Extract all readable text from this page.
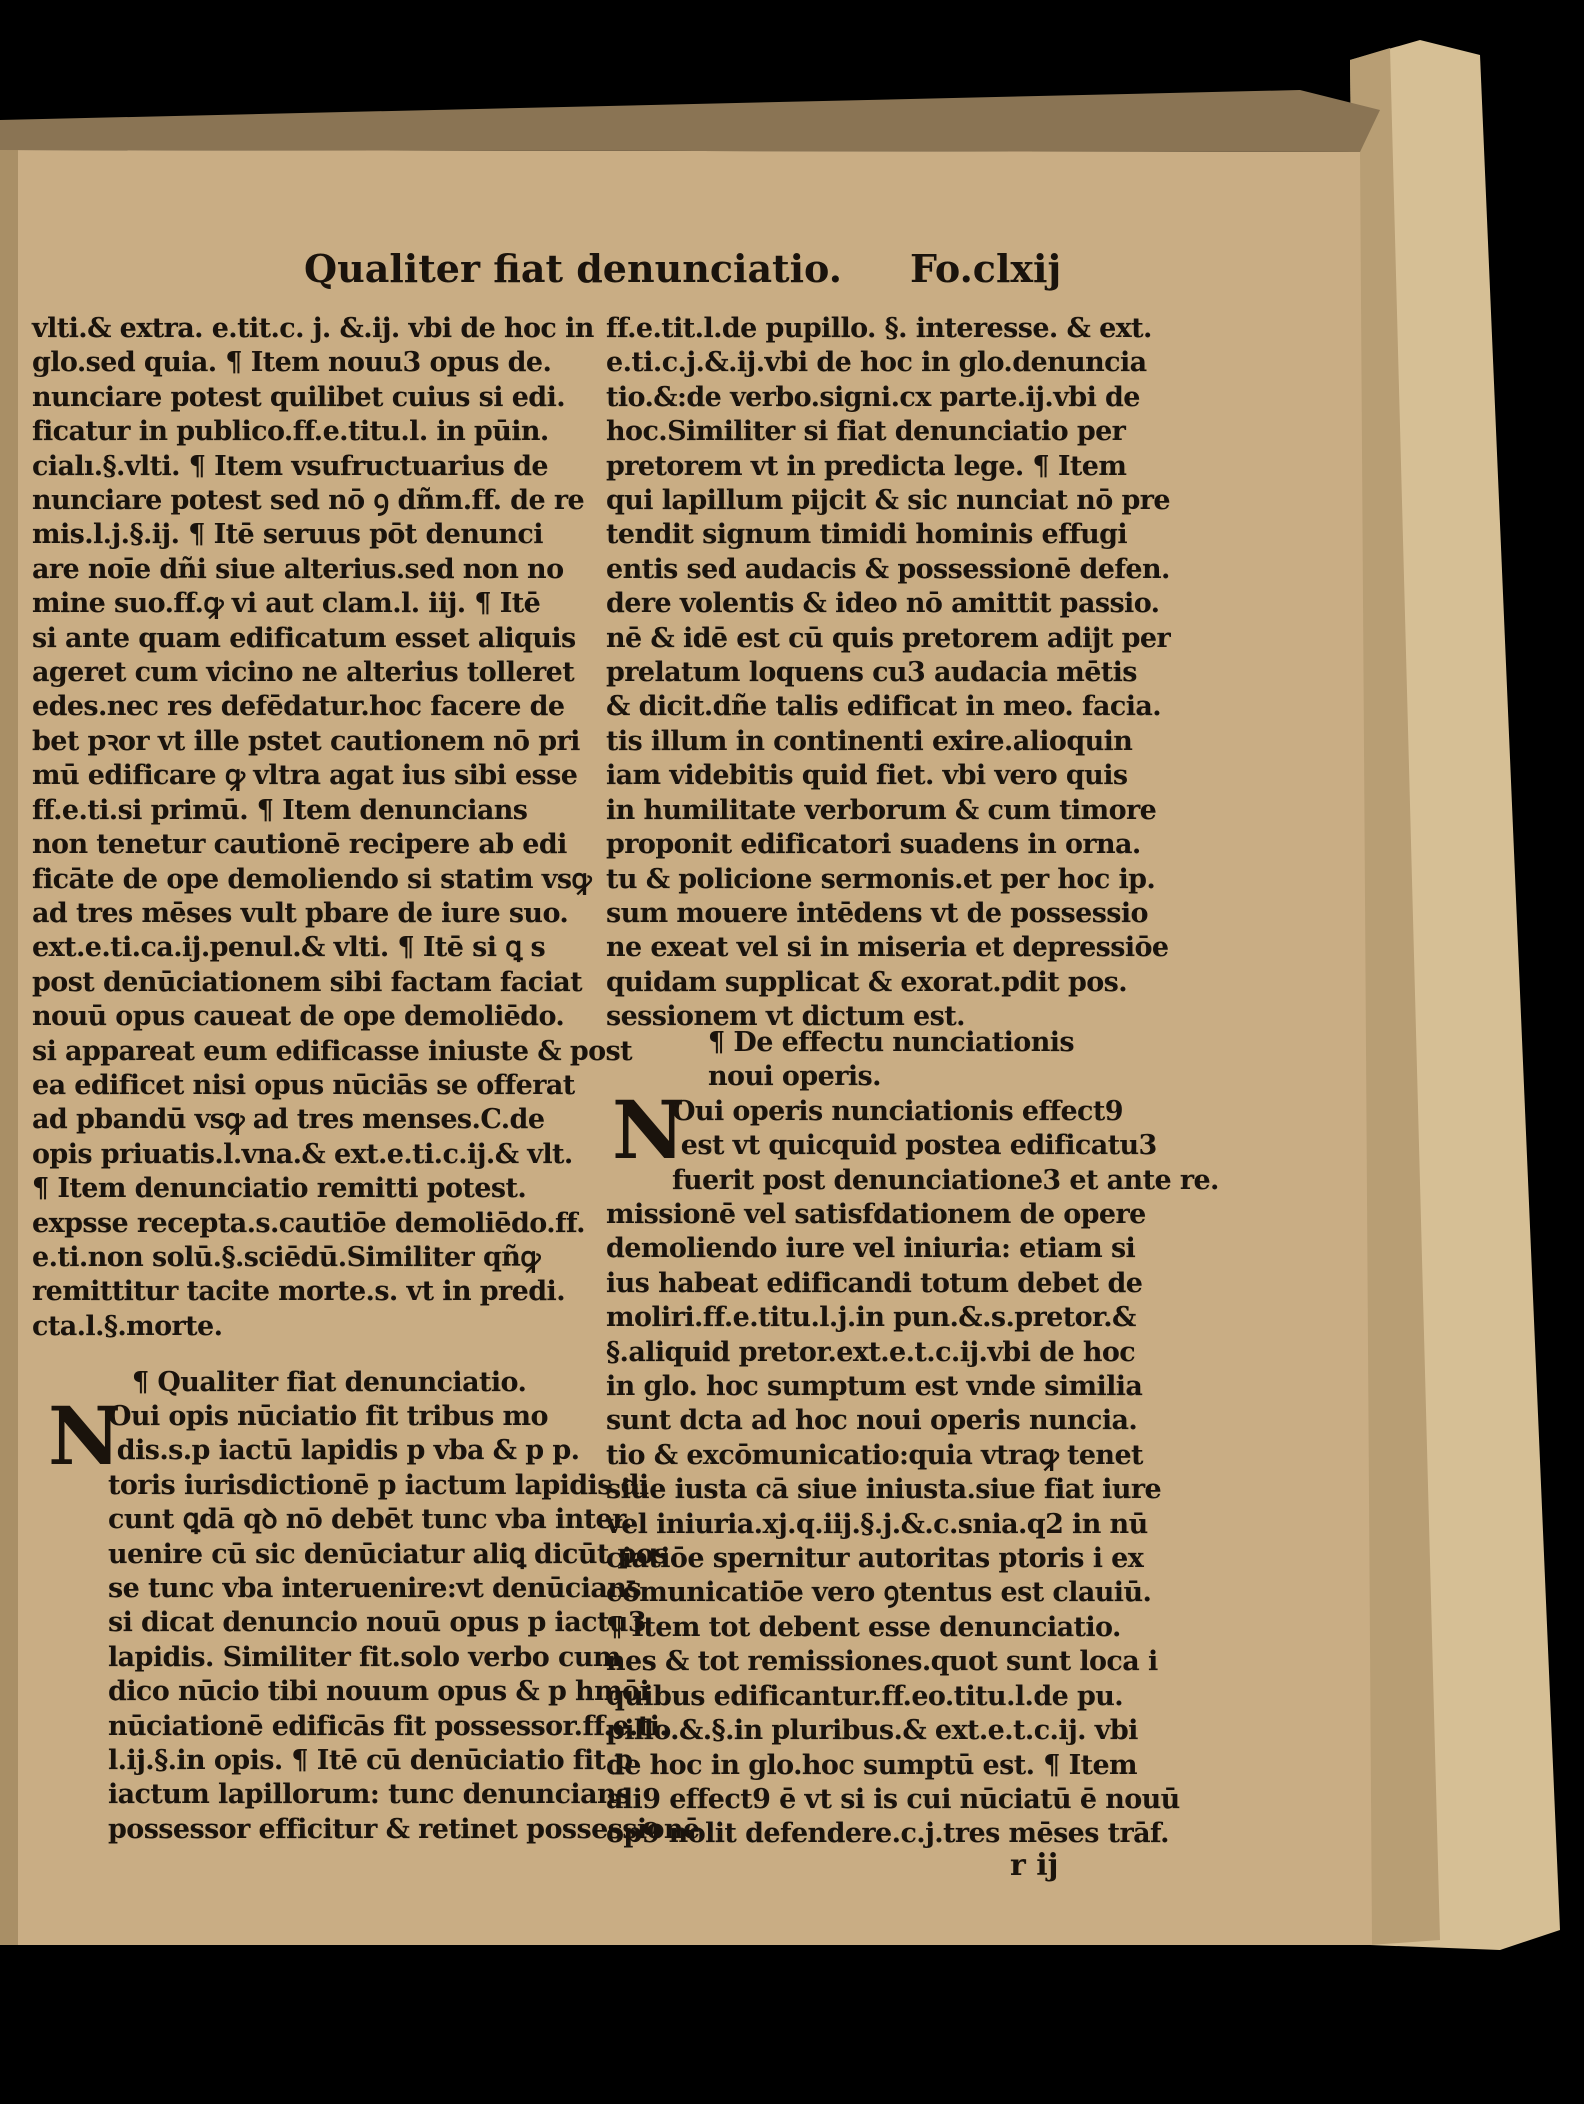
Qualiter fiat denunciatio. Fo.clxij
vlti.& extra. e.tit.c. j. &.ij. vbi de hoc in
glo.sed quia. ¶ Item nouu3 opus de.
nunciare potest quilibet cuius si edi.
ficatur in publico.ff.e.titu.l. in pūin.
cialı.§.vlti. ¶ Item vsufructuarius de
nunciare potest sed nō ꝯ dñm.ff. de re
mis.l.j.§.ij. ¶ Itē seruus pōt denunci
are noīe dñi siue alterius.sed non no
mine suo.ff.ꝙ vi aut clam.l. iij. ¶ Itē
si ante quam edificatum esset aliquis
ageret cum vicino ne alterius tolleret
edes.nec res defēdatur.hoc facere de
bet pꝛor vt ille pstet cautionem nō pri
mū edificare ꝙ vltra agat ius sibi esse
ff.e.ti.si primū. ¶ Item denuncians
non tenetur cautionē recipere ab edi
ficāte de ope demoliendo si statim vsꝙ
ad tres mēses vult pbare de iure suo.
ext.e.ti.ca.ij.penul.& vlti. ¶ Itē si ꝗ s
post denūciationem sibi factam faciat
nouū opus caueat de ope demoliēdo.
si appareat eum edificasse iniuste & post
ea edificet nisi opus nūciās se offerat
ad pbandū vsꝙ ad tres menses.C.de
opis priuatis.l.vna.& ext.e.ti.c.ij.& vlt.
¶ Item denunciatio remitti potest.
expsse recepta.s.cautiōe demoliēdo.ff.
e.ti.non solū.§.sciēdū.Similiter qñꝙ
remittitur tacite morte.s. vt in predi.
cta.l.§.morte.
¶ Qualiter fiat denunciatio.
N
Oui opis nūciatio fit tribus mo
dis.s.p iactū lapidis p vba & p p.
toris iurisdictionē p iactum lapidis di
cunt ꝗdā qꝺ nō debēt tunc vba inter.
uenire cū sic denūciatur aliꝗ dicūt pos
se tunc vba interuenire:vt denūcians
si dicat denuncio nouū opus p iactu3
lapidis. Similiter fit.solo verbo cum
dico nūcio tibi nouum opus & p hmōi
nūciationē edificās fit possessor.ff.e.ti.
l.ij.§.in opis. ¶ Itē cū denūciatio fit p
iactum lapillorum: tunc denuncians
possessor efficitur & retinet possessionē
ff.e.tit.l.de pupillo. §. interesse. & ext.
e.ti.c.j.&.ij.vbi de hoc in glo.denuncia
tio.&:de verbo.signi.cx parte.ij.vbi de
hoc.Similiter si fiat denunciatio per
pretorem vt in predicta lege. ¶ Item
qui lapillum pijcit & sic nunciat nō pre
tendit signum timidi hominis effugi
entis sed audacis & possessionē defen.
dere volentis & ideo nō amittit passio.
nē & idē est cū quis pretorem adijt per
prelatum loquens cu3 audacia mētis
& dicit.dñe talis edificat in meo. facia.
tis illum in continenti exire.alioquin
iam videbitis quid fiet. vbi vero quis
in humilitate verborum & cum timore
proponit edificatori suadens in orna.
tu & policione sermonis.et per hoc ip.
sum mouere intēdens vt de possessio
ne exeat vel si in miseria et depressiōe
quidam supplicat & exorat.pdit pos.
sessionem vt dictum est.
¶ De effectu nunciationis
noui operis.
N
Oui operis nunciationis effect9
est vt quicquid postea edificatu3
fuerit post denunciatione3 et ante re.
missionē vel satisfdationem de opere
demoliendo iure vel iniuria: etiam si
ius habeat edificandi totum debet de
moliri.ff.e.titu.l.j.in pun.&.s.pretor.&
§.aliquid pretor.ext.e.t.c.ij.vbi de hoc
in glo. hoc sumptum est vnde similia
sunt dcta ad hoc noui operis nuncia.
tio & excōmunicatio:quia vtraꝙ tenet
siue iusta cā siue iniusta.siue fiat iure
vel iniuria.xj.q.iij.§.j.&.c.snia.q2 in nū
ciatiōe spernitur autoritas ptoris i ex
cōmunicatiōe vero ꝯtentus est clauiū.
¶ Item tot debent esse denunciatio.
nes & tot remissiones.quot sunt loca i
quibus edificantur.ff.eo.titu.l.de pu.
pillo.&.§.in pluribus.& ext.e.t.c.ij. vbi
de hoc in glo.hoc sumptū est. ¶ Item
ali9 effect9 ē vt si is cui nūciatū ē nouū
op9 nolit defendere.c.j.tres mēses trāf.
r ij
